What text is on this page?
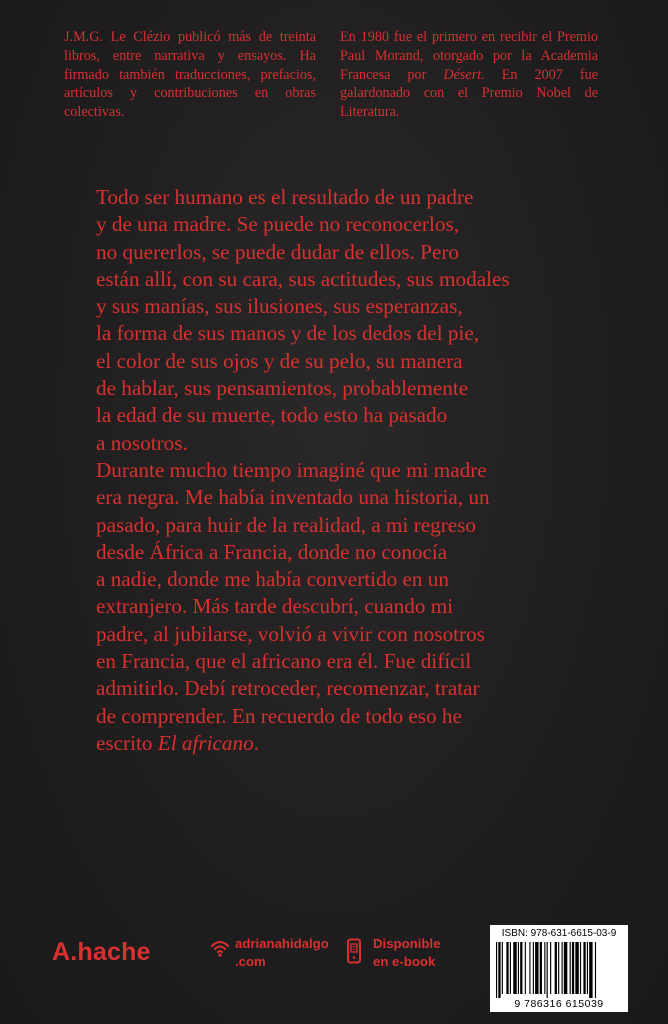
J.M.G. Le Clézio publicó más de treinta libros, entre narrativa y ensayos. Ha firmado también traducciones, prefacios, artículos y contribuciones en obras colectivas.
En 1980 fue el primero en recibir el Premio Paul Morand, otorgado por la Academia Francesa por Désert. En 2007 fue galardonado con el Premio Nobel de Literatura.

Todo ser humano es el resultado de un padre
y de una madre. Se puede no reconocerlos,
no quererlos, se puede dudar de ellos. Pero
están allí, con su cara, sus actitudes, sus modales
y sus manías, sus ilusiones, sus esperanzas,
la forma de sus manos y de los dedos del pie,
el color de sus ojos y de su pelo, su manera
de hablar, sus pensamientos, probablemente
la edad de su muerte, todo esto ha pasado
a nosotros.

Durante mucho tiempo imaginé que mi madre
era negra. Me había inventado una historia, un
pasado, para huir de la realidad, a mi regreso
desde África a Francia, donde no conocía
a nadie, donde me había convertido en un
extranjero. Más tarde descubrí, cuando mi
padre, al jubilarse, volvió a vivir con nosotros
en Francia, que el africano era él. Fue difícil
admitirlo. Debí retroceder, recomenzar, tratar
de comprender. En recuerdo de todo eso he
escrito El africano.

A.hache	adrianahidalgo
.com
Disponible
en e-book
ISBN: 978-631-6615-03-9
9 786316 615039
